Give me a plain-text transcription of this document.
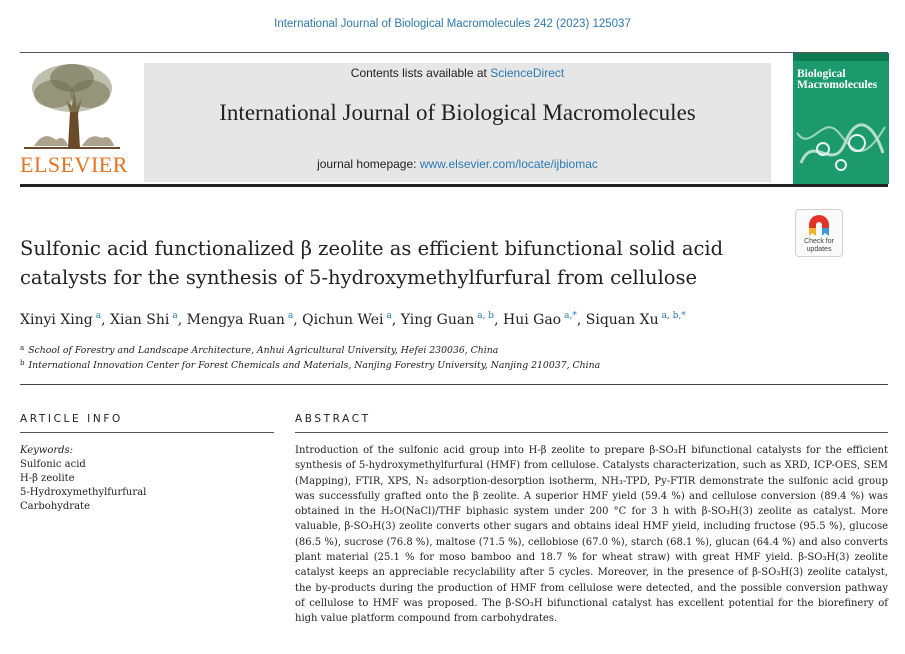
International Journal of Biological Macromolecules 242 (2023) 125037
ELSEVIER
Contents lists available at ScienceDirect
International Journal of Biological Macromolecules
journal homepage: www.elsevier.com/locate/ijbiomac
Biological Macromolecules
Check for
updates
Sulfonic acid functionalized β zeolite as efficient bifunctional solid acid
catalysts for the synthesis of 5-hydroxymethylfurfural from cellulose
Xinyi Xing $^a$, Xian Shi $^a$, Mengya Ruan $^a$, Qichun Wei $^a$, Ying Guan $^{a, b}$, Hui Gao $^{a,*}$, Siquan Xu $^{a, b,*}$
$^a$ School of Forestry and Landscape Architecture, Anhui Agricultural University, Hefei 230036, China
$^b$ International Innovation Center for Forest Chemicals and Materials, Nanjing Forestry University, Nanjing 210037, China
ARTICLE INFO
Keywords:
Sulfonic acid
H-β zeolite
5-Hydroxymethylfurfural
Carbohydrate
ABSTRACT
Introduction of the sulfonic acid group into H-β zeolite to prepare β-SO₃H bifunctional catalysts for the efficient synthesis of 5-hydroxymethylfurfural (HMF) from cellulose. Catalysts characterization, such as XRD, ICP-OES, SEM (Mapping), FTIR, XPS, N₂ adsorption-desorption isotherm, NH₃-TPD, Py-FTIR demonstrate the sulfonic acid group was successfully grafted onto the β zeolite. A superior HMF yield (59.4 %) and cellulose conversion (89.4 %) was obtained in the H₂O(NaCl)/THF biphasic system under 200 °C for 3 h with β-SO₃H(3) zeolite as catalyst. More valuable, β-SO₃H(3) zeolite converts other sugars and obtains ideal HMF yield, including fructose (95.5 %), glucose (86.5 %), sucrose (76.8 %), maltose (71.5 %), cellobiose (67.0 %), starch (68.1 %), glucan (64.4 %) and also converts plant material (25.1 % for moso bamboo and 18.7 % for wheat straw) with great HMF yield. β-SO₃H(3) zeolite catalyst keeps an appreciable recyclability after 5 cycles. Moreover, in the presence of β-SO₃H(3) zeolite catalyst, the by-products during the production of HMF from cellulose were detected, and the possible conversion pathway of cellulose to HMF was proposed. The β-SO₃H bifunctional catalyst has excellent potential for the biorefinery of high value platform compound from carbohydrates.
